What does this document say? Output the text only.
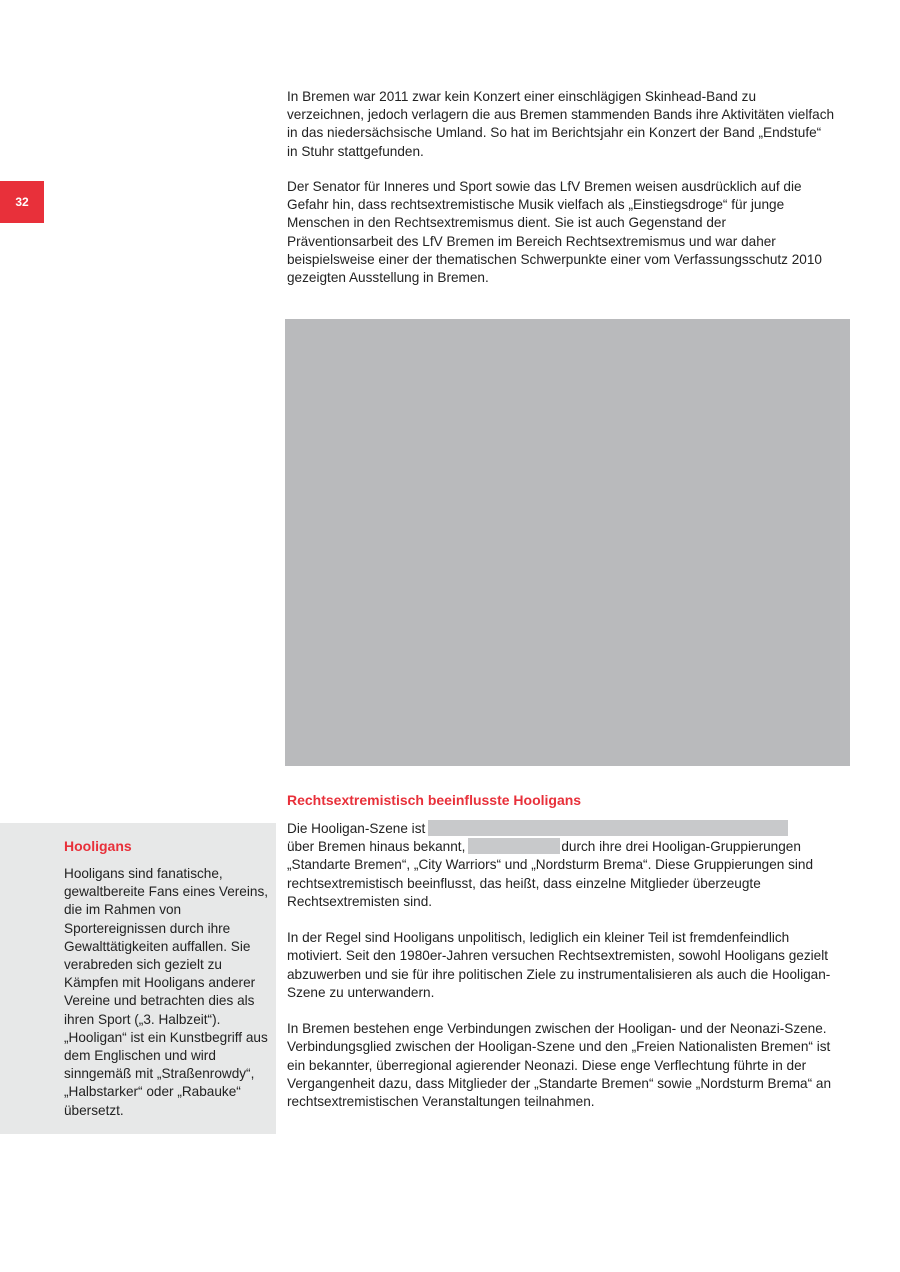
32

In Bremen war 2011 zwar kein Konzert einer einschlägigen Skinhead-Band zu verzeichnen, jedoch verlagern die aus Bremen stammenden Bands ihre Aktivitäten vielfach in das niedersächsische Umland. So hat im Berichtsjahr ein Konzert der Band „Endstufe“ in Stuhr stattgefunden.

Der Senator für Inneres und Sport sowie das LfV Bremen weisen ausdrücklich auf die Gefahr hin, dass rechtsextremistische Musik vielfach als „Einstiegsdroge“ für junge Menschen in den Rechtsextremismus dient. Sie ist auch Gegenstand der Präventionsarbeit des LfV Bremen im Bereich Rechtsextremismus und war daher beispielsweise einer der thematischen Schwerpunkte einer vom Verfassungsschutz 2010 gezeigten Ausstellung in Bremen.

Rechtsextremistisch beeinflusste Hooligans

Die Hooligan-Szene ist
über Bremen hinaus bekannt,	durch ihre drei Hooligan-Gruppierungen „Standarte Bremen“, „City Warriors“ und „Nordsturm Brema“. Diese Gruppierungen sind rechtsextremistisch beeinflusst, das heißt, dass einzelne Mitglieder überzeugte Rechtsextremisten sind.

In der Regel sind Hooligans unpolitisch, lediglich ein kleiner Teil ist fremdenfeindlich motiviert. Seit den 1980er-Jahren versuchen Rechtsextremisten, sowohl Hooligans gezielt abzuwerben und sie für ihre politischen Ziele zu instrumentalisieren als auch die Hooligan-Szene zu unterwandern.

In Bremen bestehen enge Verbindungen zwischen der Hooligan- und der Neonazi-Szene. Verbindungsglied zwischen der Hooligan-Szene und den „Freien Nationalisten Bremen“ ist ein bekannter, überregional agierender Neonazi. Diese enge Verflechtung führte in der Vergangenheit dazu, dass Mitglieder der „Standarte Bremen“ sowie „Nordsturm Brema“ an rechtsextremistischen Veranstaltungen teilnahmen.

Hooligans

Hooligans sind fanatische, gewaltbereite Fans eines Vereins, die im Rahmen von Sportereignissen durch ihre Gewalttätigkeiten auffallen. Sie verabreden sich gezielt zu Kämpfen mit Hooligans anderer Vereine und betrachten dies als ihren Sport („3. Halbzeit“). „Hooligan“ ist ein Kunstbegriff aus dem Englischen und wird sinngemäß mit „Straßenrowdy“, „Halbstarker“ oder „Rabauke“ übersetzt.
